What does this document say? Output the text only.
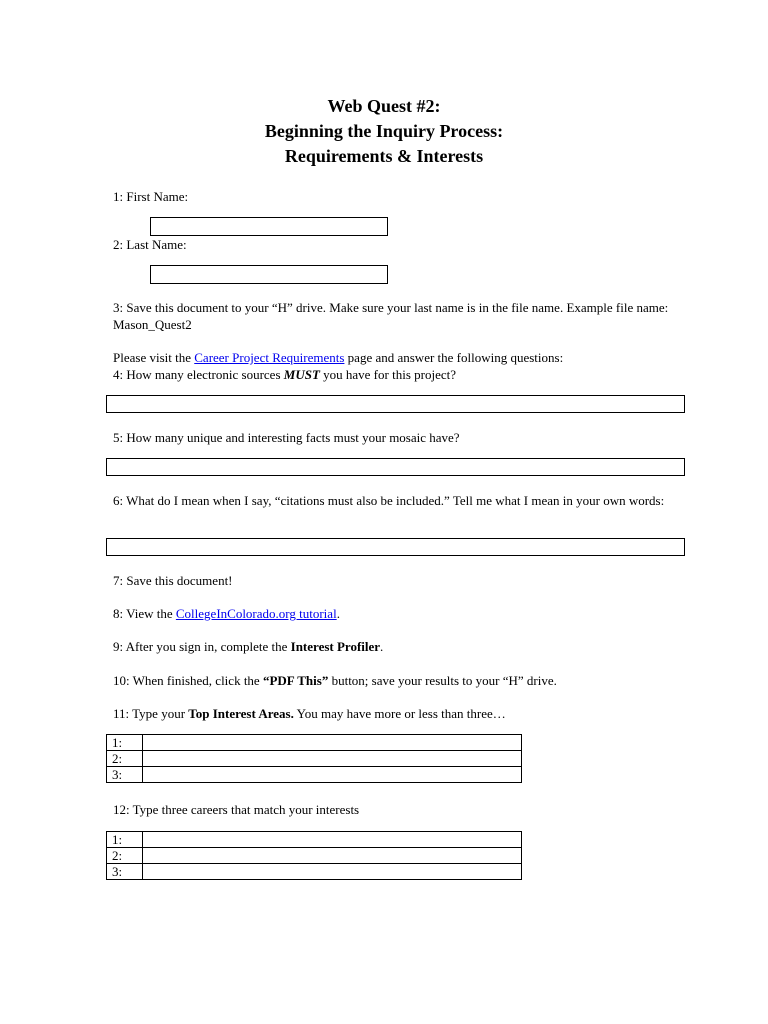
Web Quest #2:
Beginning the Inquiry Process:
Requirements & Interests
1: First Name:
2: Last Name:
3: Save this document to your “H” drive. Make sure your last name is in the file name. Example file name: Mason_Quest2
Please visit the Career Project Requirements page and answer the following questions:
4: How many electronic sources MUST you have for this project?
5: How many unique and interesting facts must your mosaic have?
6: What do I mean when I say, “citations must also be included.” Tell me what I mean in your own words:
7: Save this document!
8: View the CollegeInColorado.org tutorial.
9: After you sign in, complete the Interest Profiler.
10: When finished, click the “PDF This” button; save your results to your “H” drive.
11: Type your Top Interest Areas. You may have more or less than three…
1:	
2:	
3:	
12: Type three careers that match your interests
1:	
2:	
3:	
